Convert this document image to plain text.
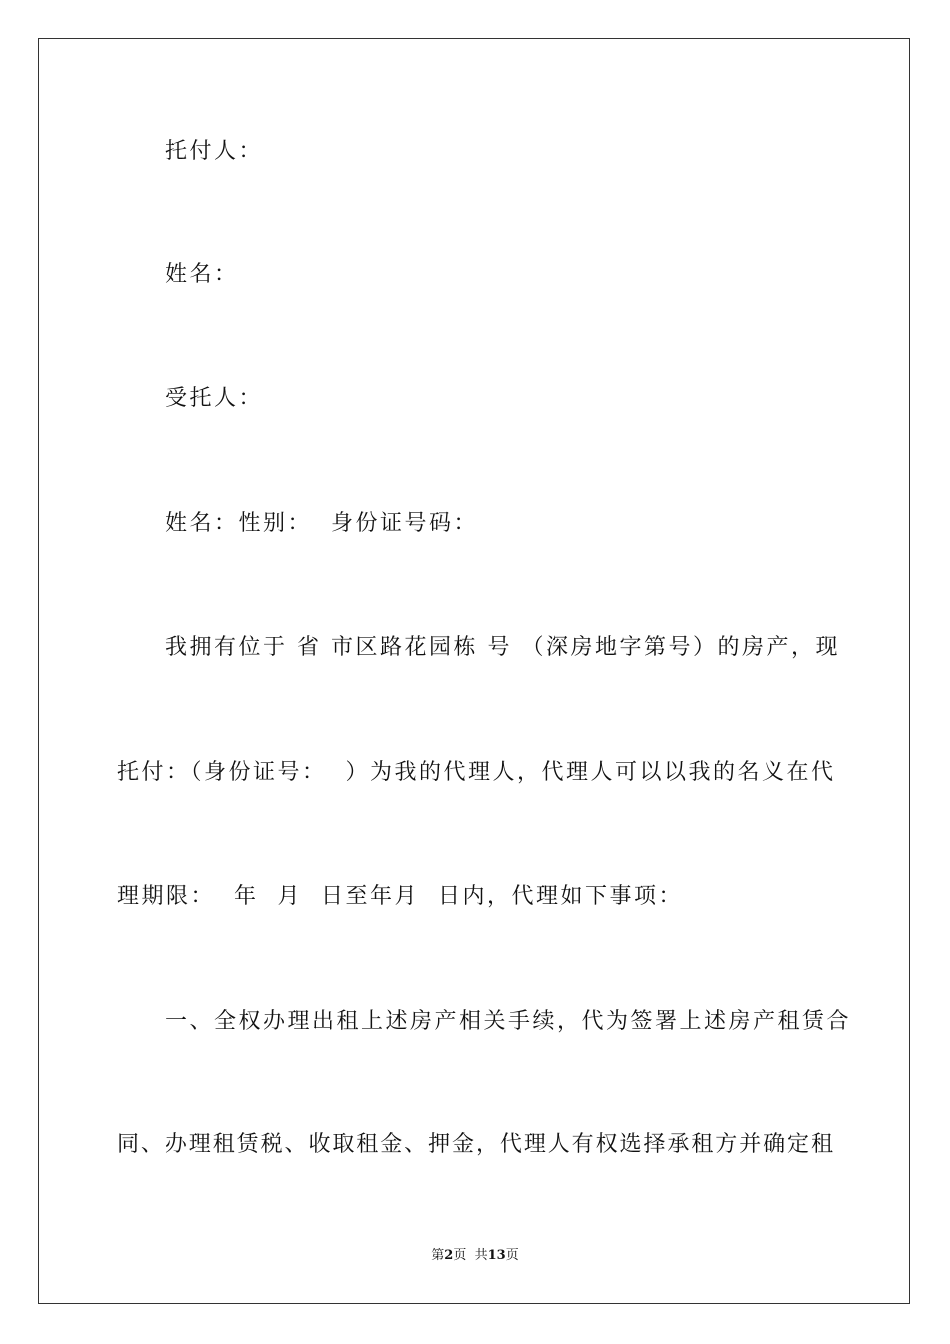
托付人：
姓名：
受托人：
姓名：性别：  身份证号码：
我拥有位于 省 市区路花园栋 号 （深房地字第号）的房产，现
托付：（身份证号：  ）为我的代理人，代理人可以以我的名义在代
理期限：  年  月  日至年月  日内，代理如下事项：
一、全权办理出租上述房产相关手续，代为签署上述房产租赁合
同、办理租赁税、收取租金、押金，代理人有权选择承租方并确定租
第2页  共13页
